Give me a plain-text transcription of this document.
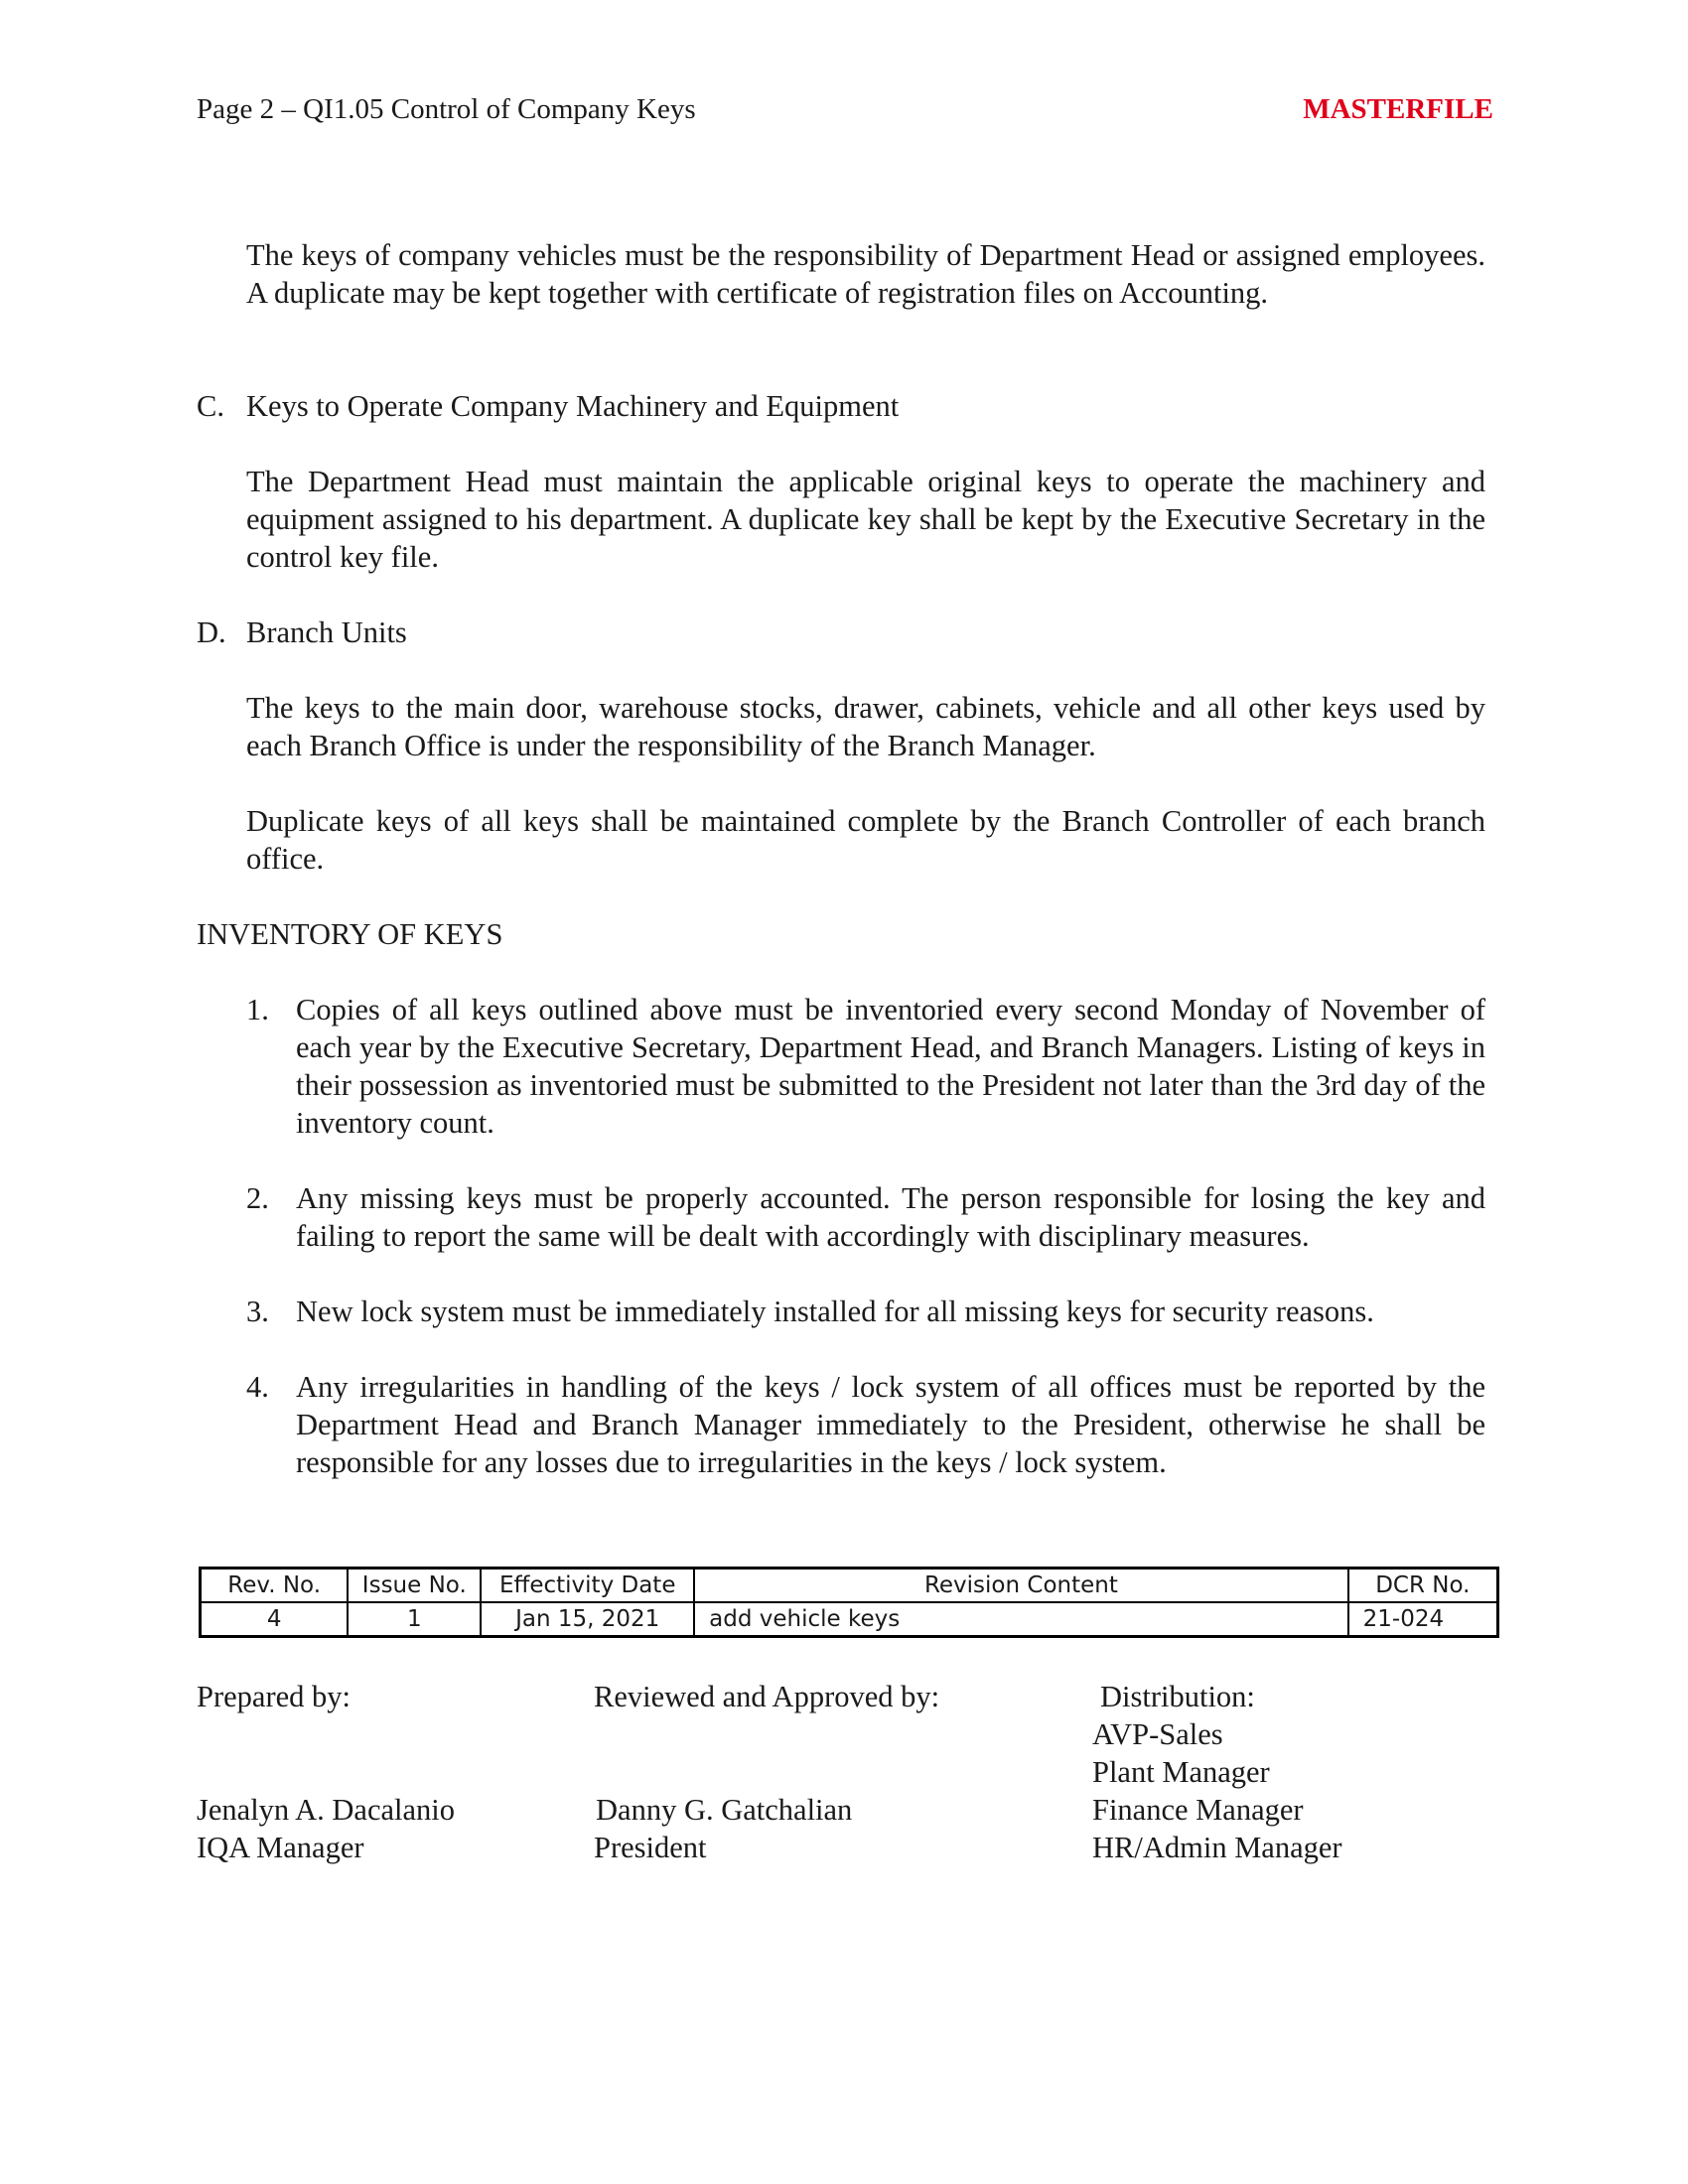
Page 2 – QI1.05 Control of Company Keys	MASTERFILE
The keys of company vehicles must be the responsibility of Department Head or assigned employees. A duplicate may be kept together with certificate of registration files on Accounting.
C. Keys to Operate Company Machinery and Equipment
The Department Head must maintain the applicable original keys to operate the machinery and equipment assigned to his department. A duplicate key shall be kept by the Executive Secretary in the control key file.
D. Branch Units
The keys to the main door, warehouse stocks, drawer, cabinets, vehicle and all other keys used by each Branch Office is under the responsibility of the Branch Manager.
Duplicate keys of all keys shall be maintained complete by the Branch Controller of each branch office.
INVENTORY OF KEYS
1. Copies of all keys outlined above must be inventoried every second Monday of November of each year by the Executive Secretary, Department Head, and Branch Managers. Listing of keys in their possession as inventoried must be submitted to the President not later than the 3rd day of the inventory count.
2. Any missing keys must be properly accounted. The person responsible for losing the key and failing to report the same will be dealt with accordingly with disciplinary measures.
3. New lock system must be immediately installed for all missing keys for security reasons.
4. Any irregularities in handling of the keys / lock system of all offices must be reported by the Department Head and Branch Manager immediately to the President, otherwise he shall be responsible for any losses due to irregularities in the keys / lock system.
Rev. No.	Issue No.	Effectivity Date	Revision Content	DCR No.
4	1	Jan 15, 2021	add vehicle keys	21-024
Prepared by:
Jenalyn A. Dacalanio
IQA Manager
Reviewed and Approved by:
Danny G. Gatchalian
President
Distribution:
AVP-Sales
Plant Manager
Finance Manager
HR/Admin Manager
